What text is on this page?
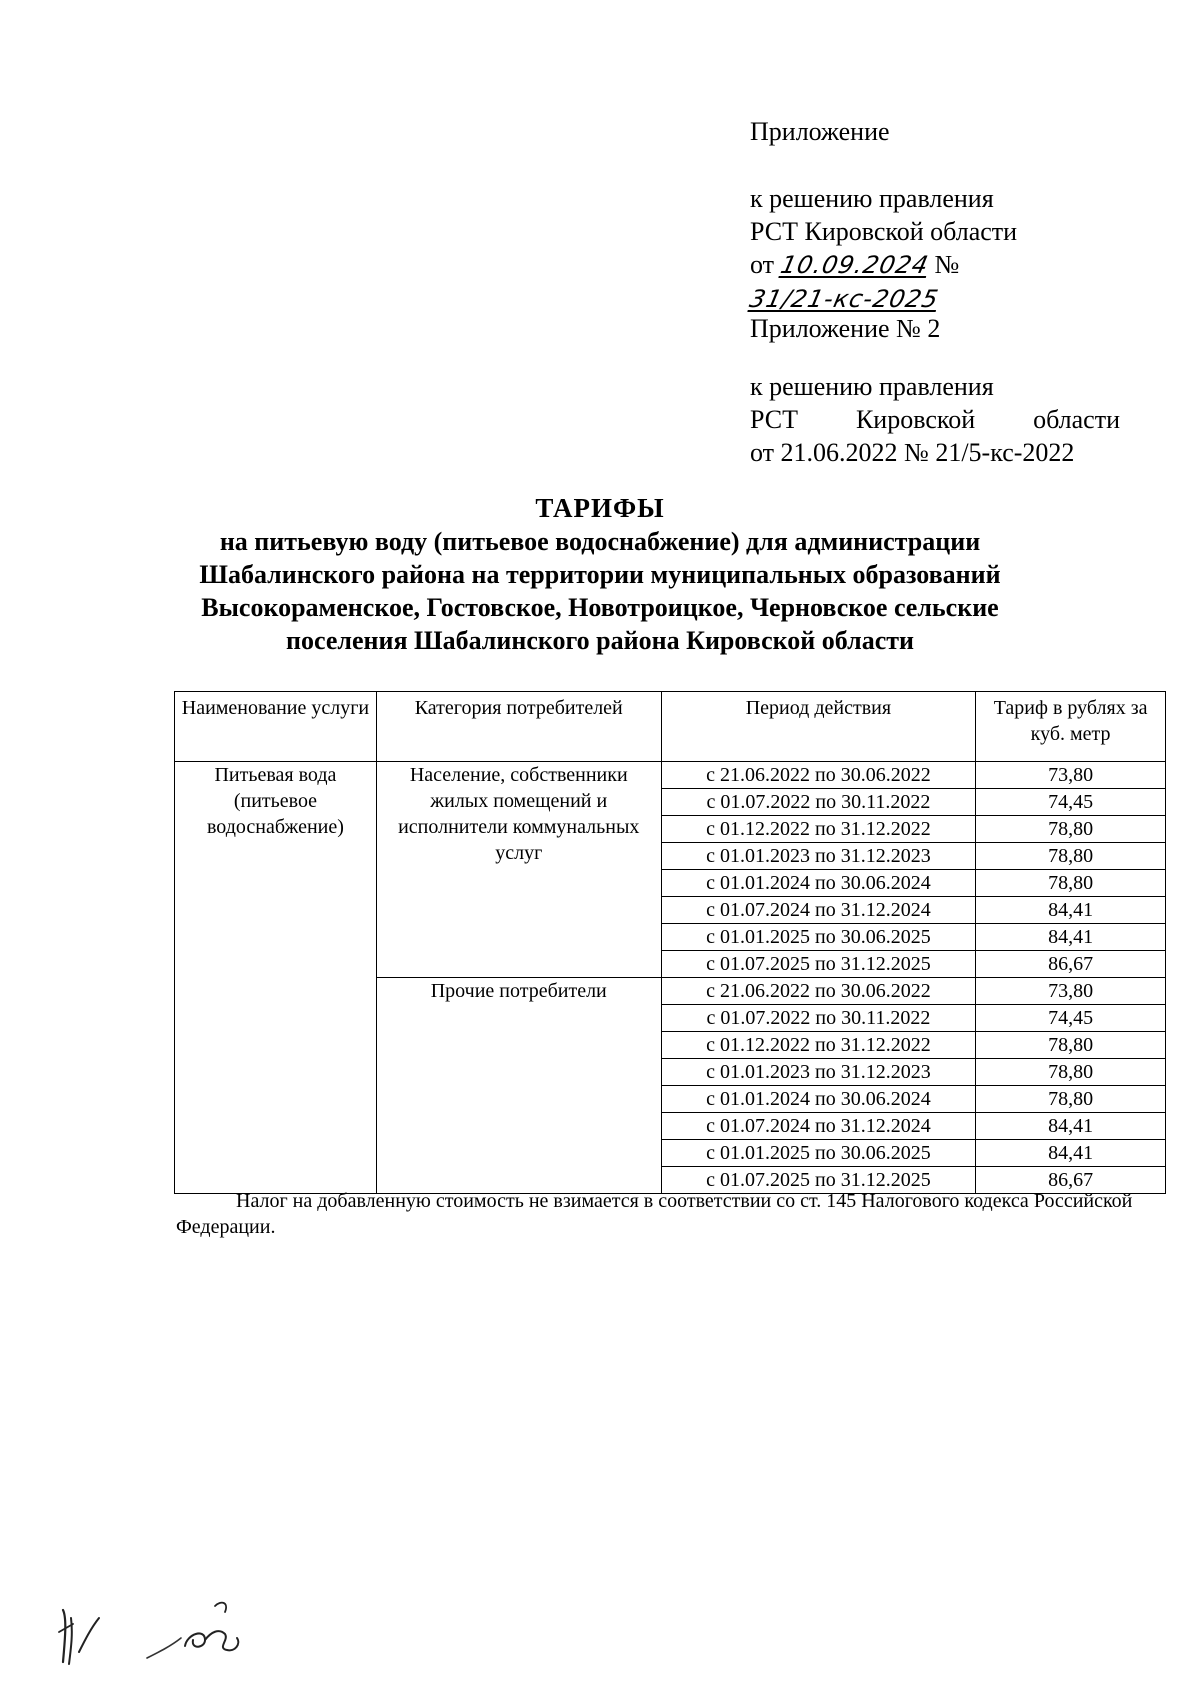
Приложение
к решению правления
РСТ Кировской области
от 10.09.2024 № 31/21-кс-2025
Приложение № 2
к решению правления
РСТ Кировской области
от 21.06.2022 № 21/5-кс-2022
ТАРИФЫ
на питьевую воду (питьевое водоснабжение) для администрации
Шабалинского района на территории муниципальных образований
Высокораменское, Гостовское, Новотроицкое, Черновское сельские
поселения Шабалинского района Кировской области
Наименование услуги	Категория потребителей	Период действия	Тариф в рублях за куб. метр
Питьевая вода (питьевое водоснабжение)	Население, собственники жилых помещений и исполнители коммунальных услуг	с 21.06.2022 по 30.06.2022	73,80
		с 01.07.2022 по 30.11.2022	74,45
		с 01.12.2022 по 31.12.2022	78,80
		с 01.01.2023 по 31.12.2023	78,80
		с 01.01.2024 по 30.06.2024	78,80
		с 01.07.2024 по 31.12.2024	84,41
		с 01.01.2025 по 30.06.2025	84,41
		с 01.07.2025 по 31.12.2025	86,67
	Прочие потребители	с 21.06.2022 по 30.06.2022	73,80
		с 01.07.2022 по 30.11.2022	74,45
		с 01.12.2022 по 31.12.2022	78,80
		с 01.01.2023 по 31.12.2023	78,80
		с 01.01.2024 по 30.06.2024	78,80
		с 01.07.2024 по 31.12.2024	84,41
		с 01.01.2025 по 30.06.2025	84,41
		с 01.07.2025 по 31.12.2025	86,67
Налог на добавленную стоимость не взимается в соответствии со ст. 145 Налогового кодекса Российской Федерации.
